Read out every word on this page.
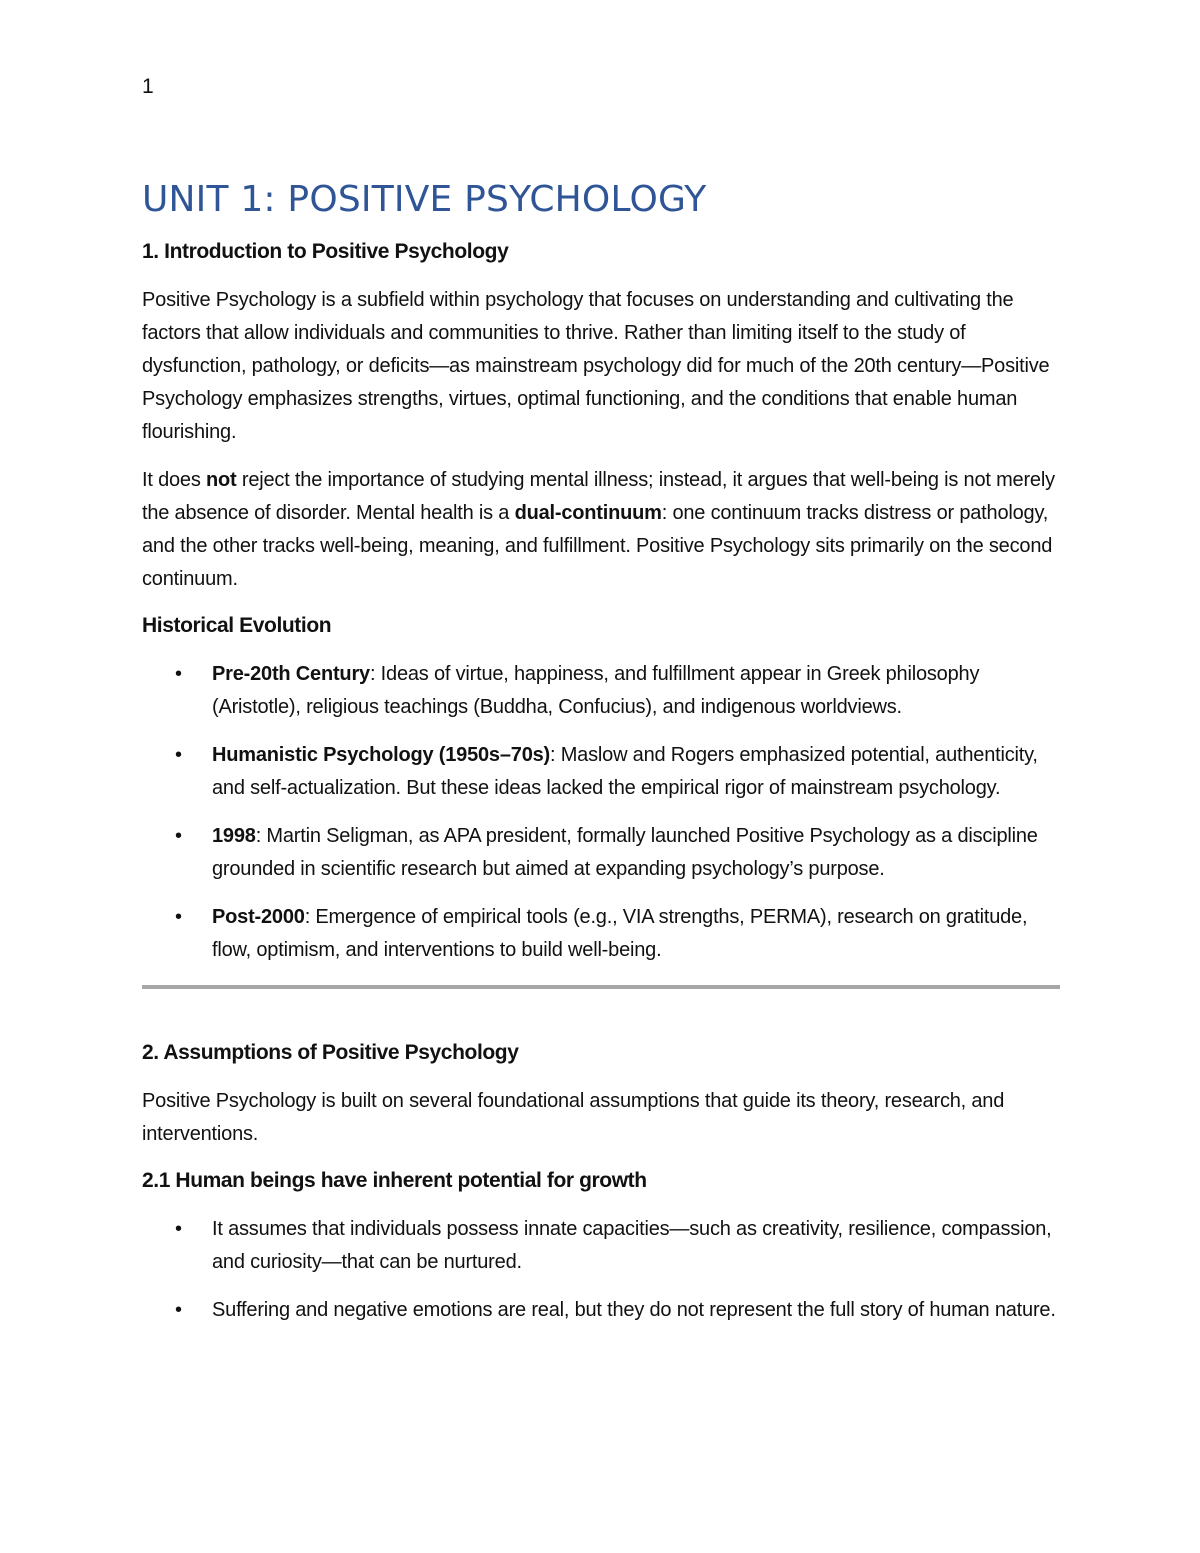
1
UNIT 1: POSITIVE PSYCHOLOGY
1. Introduction to Positive Psychology

Positive Psychology is a subfield within psychology that focuses on understanding and cultivating the factors that allow individuals and communities to thrive. Rather than limiting itself to the study of dysfunction, pathology, or deficits—as mainstream psychology did for much of the 20th century—Positive Psychology emphasizes strengths, virtues, optimal functioning, and the conditions that enable human flourishing.

It does not reject the importance of studying mental illness; instead, it argues that well-being is not merely the absence of disorder. Mental health is a dual-continuum: one continuum tracks distress or pathology, and the other tracks well-being, meaning, and fulfillment. Positive Psychology sits primarily on the second continuum.

Historical Evolution
• Pre-20th Century: Ideas of virtue, happiness, and fulfillment appear in Greek philosophy (Aristotle), religious teachings (Buddha, Confucius), and indigenous worldviews.
• Humanistic Psychology (1950s–70s): Maslow and Rogers emphasized potential, authenticity, and self-actualization. But these ideas lacked the empirical rigor of mainstream psychology.
• 1998: Martin Seligman, as APA president, formally launched Positive Psychology as a discipline grounded in scientific research but aimed at expanding psychology’s purpose.
• Post-2000: Emergence of empirical tools (e.g., VIA strengths, PERMA), research on gratitude, flow, optimism, and interventions to build well-being.
2. Assumptions of Positive Psychology

Positive Psychology is built on several foundational assumptions that guide its theory, research, and interventions.

2.1 Human beings have inherent potential for growth
• It assumes that individuals possess innate capacities—such as creativity, resilience, compassion, and curiosity—that can be nurtured.
• Suffering and negative emotions are real, but they do not represent the full story of human nature.
